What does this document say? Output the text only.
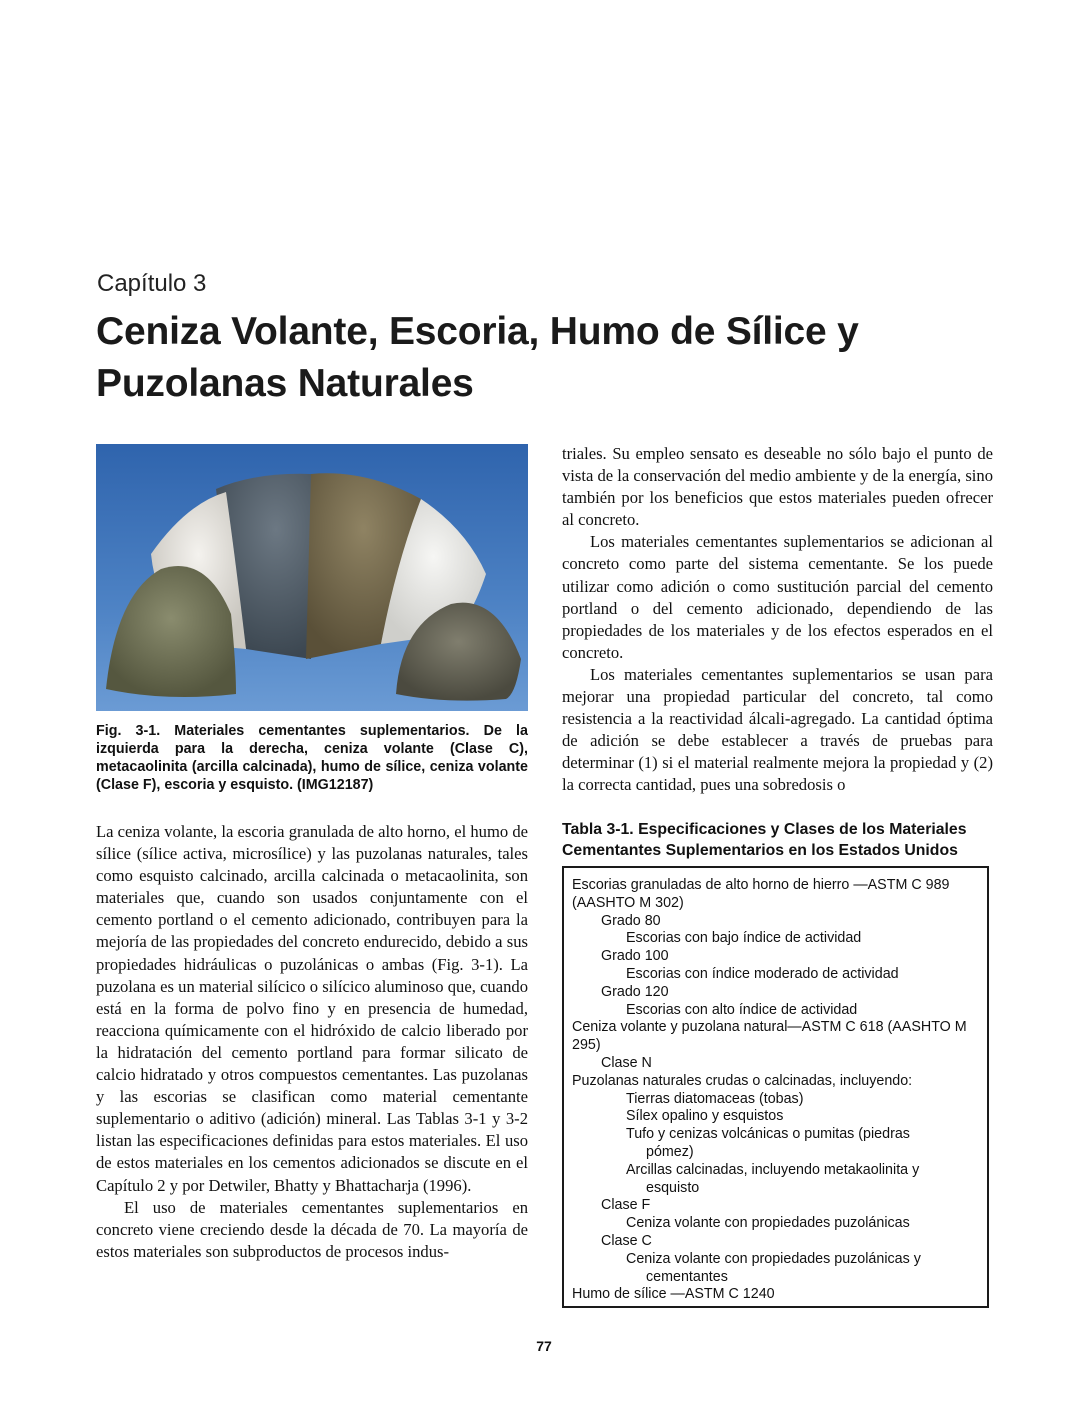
Capítulo 3
Ceniza Volante, Escoria, Humo de Sílice y Puzolanas Naturales
Fig. 3-1. Materiales cementantes suplementarios. De la izquierda para la derecha, ceniza volante (Clase C), metacaolinita (arcilla calcinada), humo de sílice, ceniza volante (Clase F), escoria y esquisto. (IMG12187)

La ceniza volante, la escoria granulada de alto horno, el humo de sílice (sílice activa, microsílice) y las puzolanas naturales, tales como esquisto calcinado, arcilla calcinada o metacaolinita, son materiales que, cuando son usados conjuntamente con el cemento portland o el cemento adicionado, contribuyen para la mejoría de las propiedades del concreto endurecido, debido a sus propiedades hidráulicas o puzolánicas o ambas (Fig. 3-1). La puzolana es un material silícico o silícico aluminoso que, cuando está en la forma de polvo fino y en presencia de humedad, reacciona químicamente con el hidróxido de calcio liberado por la hidratación del cemento portland para formar silicato de calcio hidratado y otros compuestos cementantes. Las puzolanas y las escorias se clasifican como material cementante suplementario o aditivo (adición) mineral. Las Tablas 3-1 y 3-2 listan las especificaciones definidas para estos materiales. El uso de estos materiales en los cementos adicionados se discute en el Capítulo 2 y por Detwiler, Bhatty y Bhattacharja (1996).

El uso de materiales cementantes suplementarios en concreto viene creciendo desde la década de 70. La mayoría de estos materiales son subproductos de procesos indus-

triales. Su empleo sensato es deseable no sólo bajo el punto de vista de la conservación del medio ambiente y de la energía, sino también por los beneficios que estos materiales pueden ofrecer al concreto.

Los materiales cementantes suplementarios se adicionan al concreto como parte del sistema cementante. Se los puede utilizar como adición o como sustitución parcial del cemento portland o del cemento adicionado, dependiendo de las propiedades de los materiales y de los efectos esperados en el concreto.

Los materiales cementantes suplementarios se usan para mejorar una propiedad particular del concreto, tal como resistencia a la reactividad álcali-agregado. La cantidad óptima de adición se debe establecer a través de pruebas para determinar (1) si el material realmente mejora la propiedad y (2) la correcta cantidad, pues una sobredosis o

Tabla 3-1. Especificaciones y Clases de los Materiales Cementantes Suplementarios en los Estados Unidos
Escorias granuladas de alto horno de hierro —ASTM C 989 (AASHTO M 302)
Grado 80
Escorias con bajo índice de actividad
Grado 100
Escorias con índice moderado de actividad
Grado 120
Escorias con alto índice de actividad
Ceniza volante y puzolana natural—ASTM C 618 (AASHTO M 295)
Clase N
Puzolanas naturales crudas o calcinadas, incluyendo:
Tierras diatomaceas (tobas)
Sílex opalino y esquistos
Tufo y cenizas volcánicas o pumitas (piedras
pómez)
Arcillas calcinadas, incluyendo metakaolinita y
esquisto
Clase F
Ceniza volante con propiedades puzolánicas
Clase C
Ceniza volante con propiedades puzolánicas y
cementantes
Humo de sílice —ASTM C 1240
77
